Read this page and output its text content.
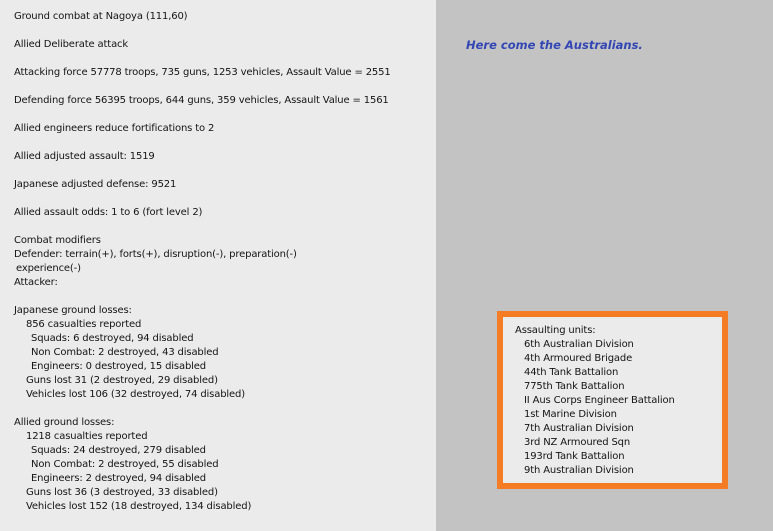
Ground combat at Nagoya (111,60)
Allied Deliberate attack
Attacking force 57778 troops, 735 guns, 1253 vehicles, Assault Value = 2551
Defending force 56395 troops, 644 guns, 359 vehicles, Assault Value = 1561
Allied engineers reduce fortifications to 2
Allied adjusted assault: 1519
Japanese adjusted defense: 9521
Allied assault odds: 1 to 6 (fort level 2)
Combat modifiers
Defender: terrain(+), forts(+), disruption(-), preparation(-)
experience(-)
Attacker:
Japanese ground losses:
856 casualties reported
Squads: 6 destroyed, 94 disabled
Non Combat: 2 destroyed, 43 disabled
Engineers: 0 destroyed, 15 disabled
Guns lost 31 (2 destroyed, 29 disabled)
Vehicles lost 106 (32 destroyed, 74 disabled)
Allied ground losses:
1218 casualties reported
Squads: 24 destroyed, 279 disabled
Non Combat: 2 destroyed, 55 disabled
Engineers: 2 destroyed, 94 disabled
Guns lost 36 (3 destroyed, 33 disabled)
Vehicles lost 152 (18 destroyed, 134 disabled)
Here come the Australians.
Assaulting units:
6th Australian Division
4th Armoured Brigade
44th Tank Battalion
775th Tank Battalion
II Aus Corps Engineer Battalion
1st Marine Division
7th Australian Division
3rd NZ Armoured Sqn
193rd Tank Battalion
9th Australian Division
